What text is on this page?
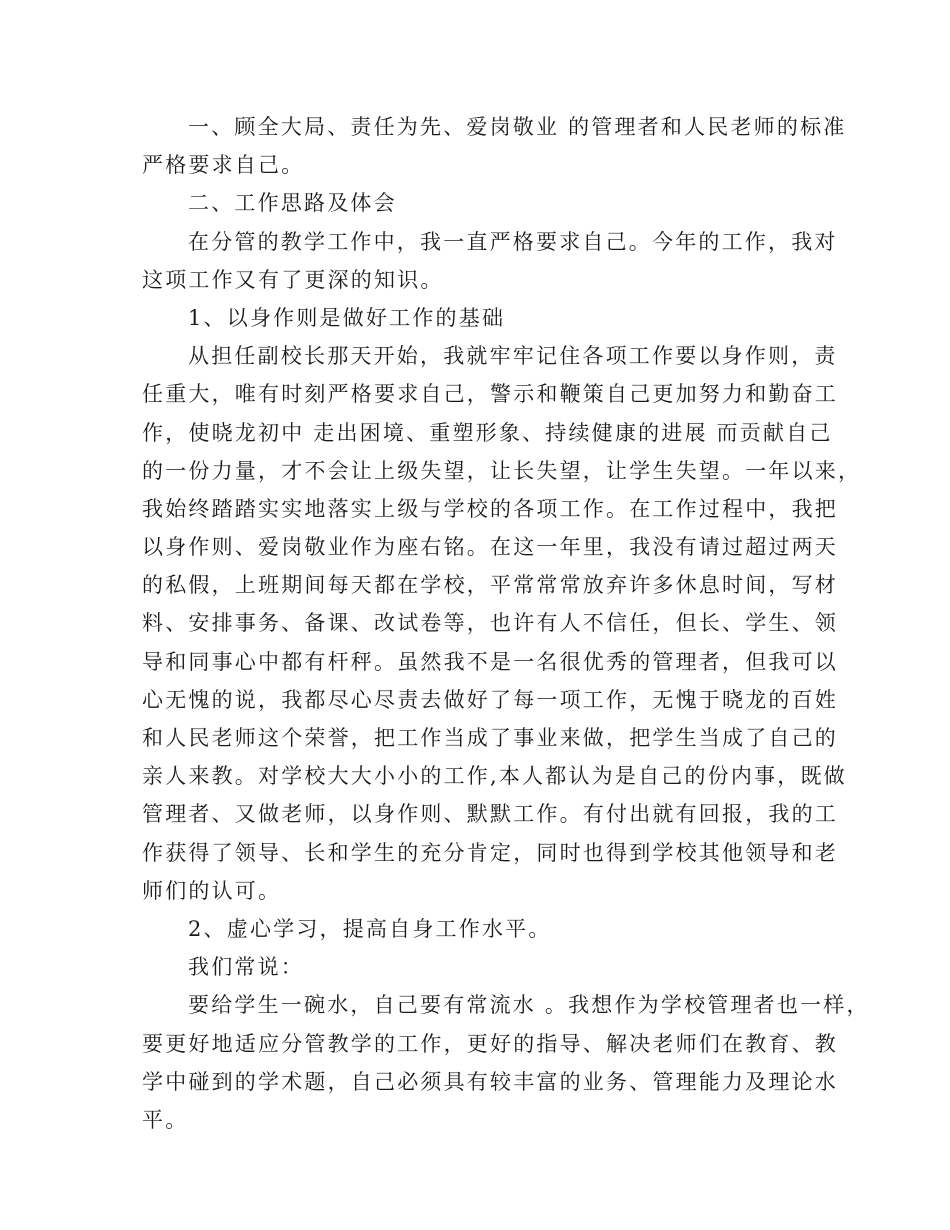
一、顾全大局、责任为先、爱岗敬业 的管理者和人民老师的标准
严格要求自己。
二、工作思路及体会
在分管的教学工作中，我一直严格要求自己。今年的工作，我对
这项工作又有了更深的知识。
1、以身作则是做好工作的基础
从担任副校长那天开始，我就牢牢记住各项工作要以身作则，责
任重大，唯有时刻严格要求自己，警示和鞭策自己更加努力和勤奋工
作，使晓龙初中 走出困境、重塑形象、持续健康的进展 而贡献自己
的一份力量，才不会让上级失望，让长失望，让学生失望。一年以来，
我始终踏踏实实地落实上级与学校的各项工作。在工作过程中，我把
以身作则、爱岗敬业作为座右铭。在这一年里，我没有请过超过两天
的私假，上班期间每天都在学校，平常常常放弃许多休息时间，写材
料、安排事务、备课、改试卷等，也许有人不信任，但长、学生、领
导和同事心中都有杆秤。虽然我不是一名很优秀的管理者，但我可以
心无愧的说，我都尽心尽责去做好了每一项工作，无愧于晓龙的百姓
和人民老师这个荣誉，把工作当成了事业来做，把学生当成了自己的
亲人来教。对学校大大小小的工作,本人都认为是自己的份内事，既做
管理者、又做老师，以身作则、默默工作。有付出就有回报，我的工
作获得了领导、长和学生的充分肯定，同时也得到学校其他领导和老
师们的认可。
2、虚心学习，提高自身工作水平。
我们常说：
要给学生一碗水，自己要有常流水 。我想作为学校管理者也一样，
要更好地适应分管教学的工作，更好的指导、解决老师们在教育、教
学中碰到的学术题，自己必须具有较丰富的业务、管理能力及理论水
平。
